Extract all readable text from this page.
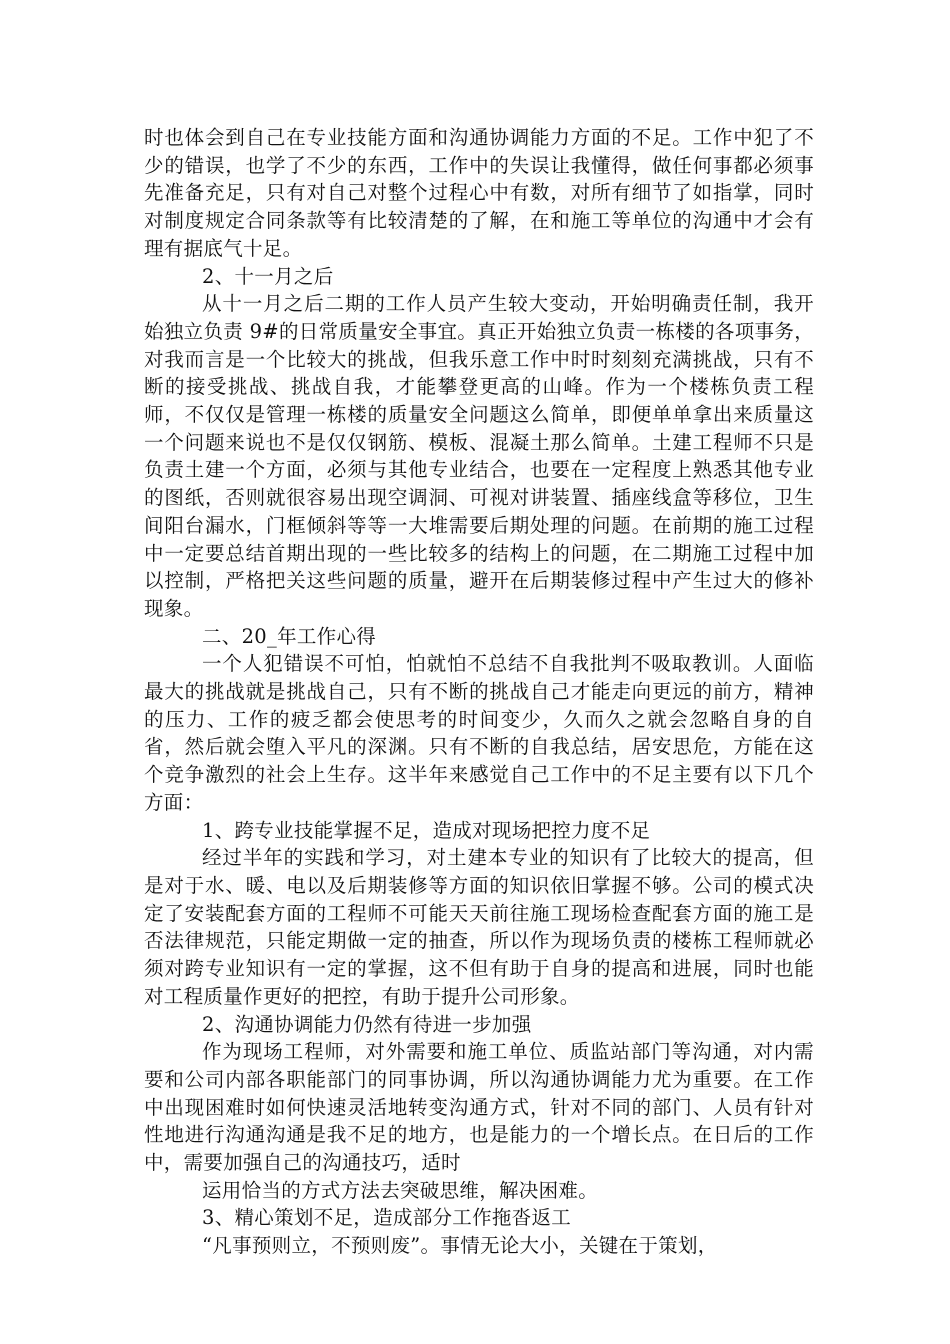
时也体会到自己在专业技能方面和沟通协调能力方面的不足。工作中犯了不少的错误，也学了不少的东西，工作中的失误让我懂得，做任何事都必须事先准备充足，只有对自己对整个过程心中有数，对所有细节了如指掌，同时对制度规定合同条款等有比较清楚的了解，在和施工等单位的沟通中才会有理有据底气十足。

2、十一月之后

从十一月之后二期的工作人员产生较大变动，开始明确责任制，我开始独立负责 9#的日常质量安全事宜。真正开始独立负责一栋楼的各项事务，对我而言是一个比较大的挑战，但我乐意工作中时时刻刻充满挑战，只有不断的接受挑战、挑战自我，才能攀登更高的山峰。作为一个楼栋负责工程师，不仅仅是管理一栋楼的质量安全问题这么简单，即便单单拿出来质量这一个问题来说也不是仅仅钢筋、模板、混凝土那么简单。土建工程师不只是负责土建一个方面，必须与其他专业结合，也要在一定程度上熟悉其他专业的图纸，否则就很容易出现空调洞、可视对讲装置、插座线盒等移位，卫生间阳台漏水，门框倾斜等等一大堆需要后期处理的问题。在前期的施工过程中一定要总结首期出现的一些比较多的结构上的问题，在二期施工过程中加以控制，严格把关这些问题的质量，避开在后期装修过程中产生过大的修补现象。

二、20_年工作心得

一个人犯错误不可怕，怕就怕不总结不自我批判不吸取教训。人面临最大的挑战就是挑战自己，只有不断的挑战自己才能走向更远的前方，精神的压力、工作的疲乏都会使思考的时间变少，久而久之就会忽略自身的自省，然后就会堕入平凡的深渊。只有不断的自我总结，居安思危，方能在这个竞争激烈的社会上生存。这半年来感觉自己工作中的不足主要有以下几个方面：

1、跨专业技能掌握不足，造成对现场把控力度不足

经过半年的实践和学习，对土建本专业的知识有了比较大的提高，但是对于水、暖、电以及后期装修等方面的知识依旧掌握不够。公司的模式决定了安装配套方面的工程师不可能天天前往施工现场检查配套方面的施工是否法律规范，只能定期做一定的抽查，所以作为现场负责的楼栋工程师就必须对跨专业知识有一定的掌握，这不但有助于自身的提高和进展，同时也能对工程质量作更好的把控，有助于提升公司形象。

2、沟通协调能力仍然有待进一步加强

作为现场工程师，对外需要和施工单位、质监站部门等沟通，对内需要和公司内部各职能部门的同事协调，所以沟通协调能力尤为重要。在工作中出现困难时如何快速灵活地转变沟通方式，针对不同的部门、人员有针对性地进行沟通沟通是我不足的地方，也是能力的一个增长点。在日后的工作中，需要加强自己的沟通技巧，适时

运用恰当的方式方法去突破思维，解决困难。

3、精心策划不足，造成部分工作拖沓返工

“凡事预则立，不预则废”。事情无论大小，关键在于策划，
